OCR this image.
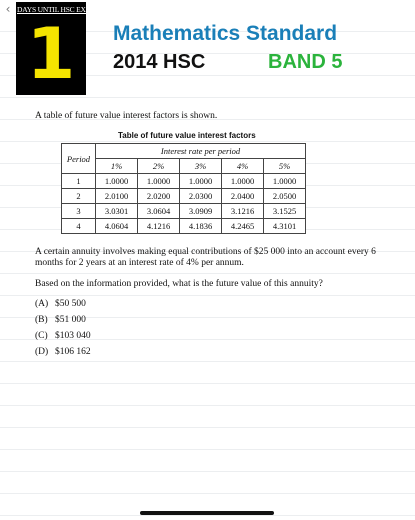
‹ DAYS UNTIL HSC EXAM
1	Mathematics Standard
2014 HSC	BAND 5
A table of future value interest factors is shown.
Table of future value interest factors
Period	Interest rate per period				
	1%	2%	3%	4%	5%
1	1.0000	1.0000	1.0000	1.0000	1.0000
2	2.0100	2.0200	2.0300	2.0400	2.0500
3	3.0301	3.0604	3.0909	3.1216	3.1525
4	4.0604	4.1216	4.1836	4.2465	4.3101
A certain annuity involves making equal contributions of $25 000 into an account every 6 months for 2 years at an interest rate of 4% per annum.
Based on the information provided, what is the future value of this annuity?
(A) $50 500
(B) $51 000
(C) $103 040
(D) $106 162
